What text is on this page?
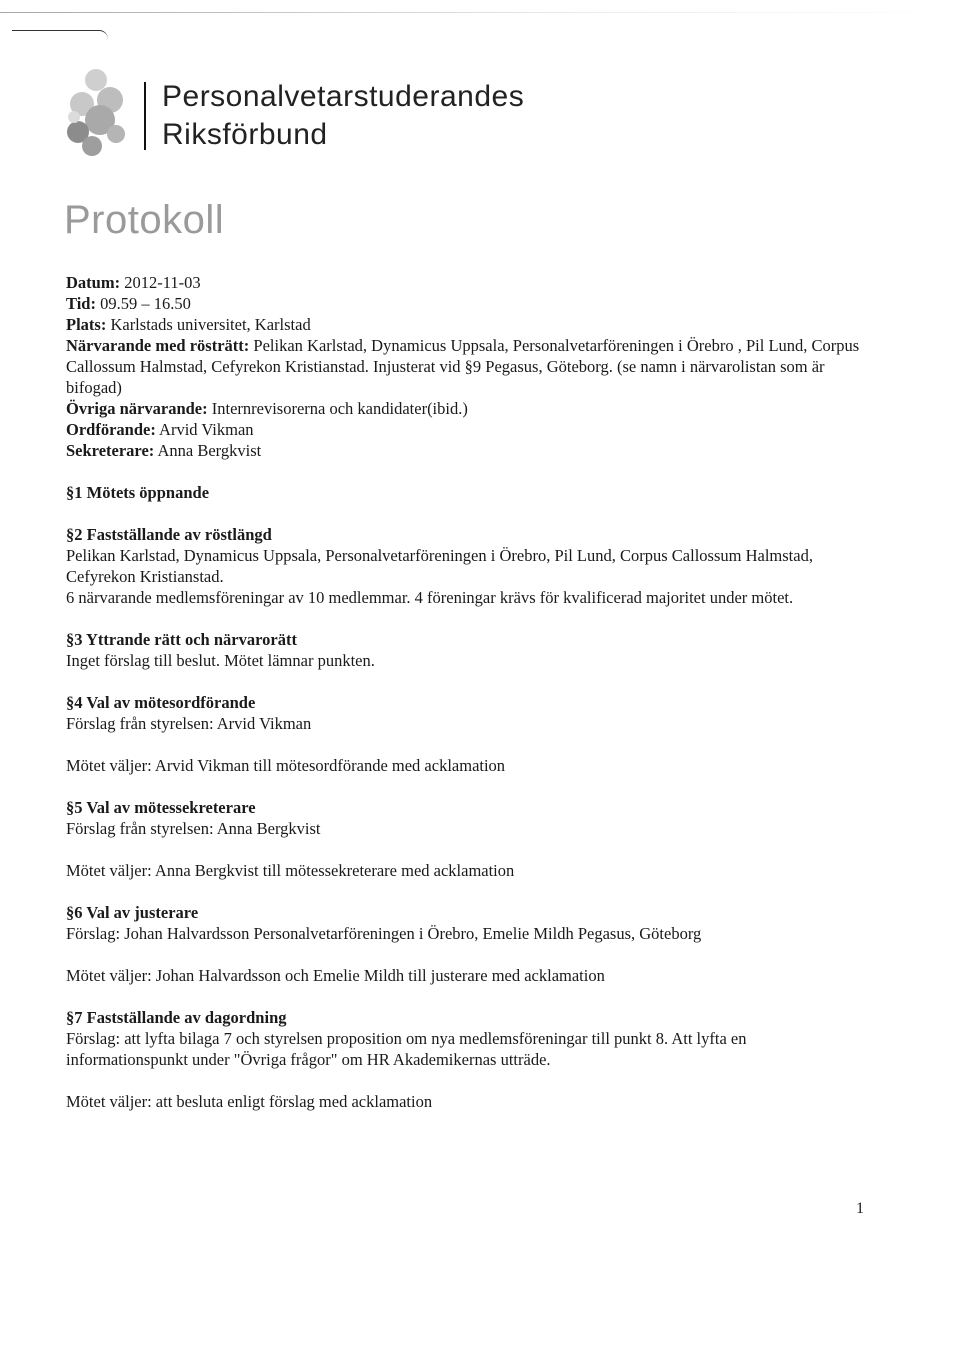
Personalvetarstuderandes
Riksförbund
Protokoll

Datum: 2012-11-03

Tid: 09.59 – 16.50

Plats: Karlstads universitet, Karlstad

Närvarande med rösträtt: Pelikan Karlstad, Dynamicus Uppsala, Personalvetarföreningen i Örebro , Pil Lund, Corpus Callossum Halmstad, Cefyrekon Kristianstad. Injusterat vid §9 Pegasus, Göteborg. (se namn i närvarolistan som är bifogad)

Övriga närvarande: Internrevisorerna och kandidater(ibid.)

Ordförande: Arvid Vikman

Sekreterare: Anna Bergkvist

§1 Mötets öppnande

§2 Fastställande av röstlängd

Pelikan Karlstad, Dynamicus Uppsala, Personalvetarföreningen i Örebro, Pil Lund, Corpus Callossum Halmstad, Cefyrekon Kristianstad.

6 närvarande medlemsföreningar av 10 medlemmar. 4 föreningar krävs för kvalificerad majoritet under mötet.

§3 Yttrande rätt och närvarorätt

Inget förslag till beslut. Mötet lämnar punkten.

§4 Val av mötesordförande

Förslag från styrelsen: Arvid Vikman

Mötet väljer: Arvid Vikman till mötesordförande med acklamation

§5 Val av mötessekreterare

Förslag från styrelsen: Anna Bergkvist

Mötet väljer: Anna Bergkvist till mötessekreterare med acklamation

§6 Val av justerare

Förslag: Johan Halvardsson Personalvetarföreningen i Örebro, Emelie Mildh Pegasus, Göteborg

Mötet väljer: Johan Halvardsson och Emelie Mildh till justerare med acklamation

§7 Fastställande av dagordning

Förslag: att lyfta bilaga 7 och styrelsen proposition om nya medlemsföreningar till punkt 8. Att lyfta en informationspunkt under "Övriga frågor" om HR Akademikernas utträde.

Mötet väljer: att besluta enligt förslag med acklamation

1
